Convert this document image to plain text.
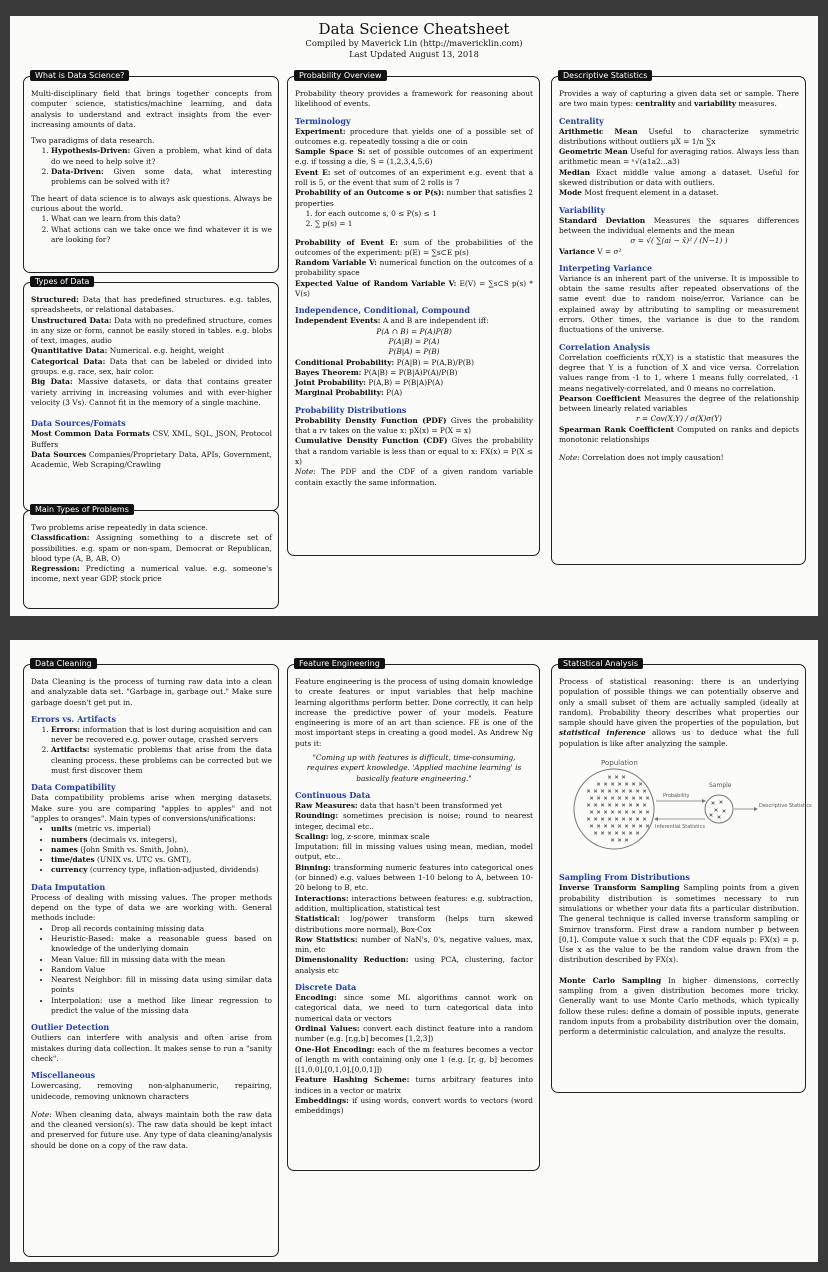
Data Science Cheatsheet
Compiled by Maverick Lin (http://mavericklin.com)
Last Updated August 13, 2018
What is Data Science?

Multi-disciplinary field that brings together concepts from computer science, statistics/machine learning, and data analysis to understand and extract insights from the ever-increasing amounts of data.

Two paradigms of data research.

1. Hypothesis-Driven: Given a problem, what kind of data do we need to help solve it?
2. Data-Driven: Given some data, what interesting problems can be solved with it?

The heart of data science is to always ask questions. Always be curious about the world.

1. What can we learn from this data?
2. What actions can we take once we find whatever it is we are looking for?
Types of Data
Structured: Data that has predefined structures. e.g. tables, spreadsheets, or relational databases.
Unstructured Data: Data with no predefined structure, comes in any size or form, cannot be easily stored in tables. e.g. blobs of text, images, audio
Quantitative Data: Numerical. e.g. height, weight
Categorical Data: Data that can be labeled or divided into groups. e.g. race, sex, hair color.
Big Data: Massive datasets, or data that contains greater variety arriving in increasing volumes and with ever-higher velocity (3 Vs). Cannot fit in the memory of a single machine.
Data Sources/Fomats
Most Common Data Formats CSV, XML, SQL, JSON, Protocol Buffers
Data Sources Companies/Proprietary Data, APIs, Government, Academic, Web Scraping/Crawling
Main Types of Problems
Two problems arise repeatedly in data science.
Classification: Assigning something to a discrete set of possibilities. e.g. spam or non-spam, Democrat or Republican, blood type (A, B, AB, O)
Regression: Predicting a numerical value. e.g. someone's income, next year GDP, stock price
Probability Overview

Probability theory provides a framework for reasoning about likelihood of events.

Terminology
Experiment: procedure that yields one of a possible set of outcomes e.g. repeatedly tossing a die or coin
Sample Space S: set of possible outcomes of an experiment e.g. if tossing a die, S = (1,2,3,4,5,6)
Event E: set of outcomes of an experiment e.g. event that a roll is 5, or the event that sum of 2 rolls is 7
Probability of an Outcome s or P(s): number that satisfies 2 properties
1. for each outcome s, 0 ≤ P(s) ≤ 1
2. ∑ p(s) = 1
Probability of Event E: sum of the probabilities of the outcomes of the experiment: p(E) = ∑s⊂E p(s)
Random Variable V: numerical function on the outcomes of a probability space
Expected Value of Random Variable V: E(V) = ∑s⊂S p(s) * V(s)
Independence, Conditional, Compound
Independent Events: A and B are independent iff:
P(A ∩ B) = P(A)P(B)
P(A|B) = P(A)
P(B|A) = P(B)
Conditional Probability: P(A|B) = P(A,B)/P(B)
Bayes Theorem: P(A|B) = P(B|A)P(A)/P(B)
Joint Probability: P(A,B) = P(B|A)P(A)
Marginal Probability: P(A)
Probability Distributions
Probability Density Function (PDF) Gives the probability that a rv takes on the value x: pX(x) = P(X = x)
Cumulative Density Function (CDF) Gives the probability that a random variable is less than or equal to x: FX(x) = P(X ≤ x)
Note: The PDF and the CDF of a given random variable contain exactly the same information.
Descriptive Statistics

Provides a way of capturing a given data set or sample. There are two main types: centrality and variability measures.

Centrality
Arithmetic Mean Useful to characterize symmetric distributions without outliers μX = 1/n ∑x
Geometric Mean Useful for averaging ratios. Always less than arithmetic mean = ⁿ√(a1a2...a3)
Median Exact middle value among a dataset. Useful for skewed distribution or data with outliers.
Mode Most frequent element in a dataset.
Variability
Standard Deviation Measures the squares differences between the individual elements and the mean
σ = √( ∑(ai − x̄)² / (N−1) )
Variance V = σ²
Interpeting Variance
Variance is an inherent part of the universe. It is impossible to obtain the same results after repeated observations of the same event due to random noise/error. Variance can be explained away by attributing to sampling or measurement errors. Other times, the variance is due to the random fluctuations of the universe.
Correlation Analysis
Correlation coefficients r(X,Y) is a statistic that measures the degree that Y is a function of X and vice versa. Correlation values range from -1 to 1, where 1 means fully correlated, -1 means negatively-correlated, and 0 means no correlation.
Pearson Coefficient Measures the degree of the relationship between linearly related variables
r = Cov(X,Y) / σ(X)σ(Y)
Spearman Rank Coefficient Computed on ranks and depicts monotonic relationships
Note: Correlation does not imply causation!
Data Cleaning

Data Cleaning is the process of turning raw data into a clean and analyzable data set. "Garbage in, garbage out." Make sure garbage doesn't get put in.

Errors vs. Artifacts
1. Errors: information that is lost during acquisition and can never be recovered e.g. power outage, crashed servers
2. Artifacts: systematic problems that arise from the data cleaning process. these problems can be corrected but we must first discover them
Data Compatibility
Data compatibility problems arise when merging datasets. Make sure you are comparing "apples to apples" and not "apples to oranges". Main types of conversions/unifications:
• units (metric vs. imperial)
• numbers (decimals vs. integers),
• names (John Smith vs. Smith, John),
• time/dates (UNIX vs. UTC vs. GMT),
• currency (currency type, inflation-adjusted, dividends)
Data Imputation
Process of dealing with missing values. The proper methods depend on the type of data we are working with. General methods include:
• Drop all records containing missing data
• Heuristic-Based: make a reasonable guess based on knowledge of the underlying domain
• Mean Value: fill in missing data with the mean
• Random Value
• Nearest Neighbor: fill in missing data using similar data points
• Interpolation: use a method like linear regression to predict the value of the missing data
Outlier Detection
Outliers can interfere with analysis and often arise from mistakes during data collection. It makes sense to run a "sanity check".
Miscellaneous
Lowercasing, removing non-alphanumeric, repairing, unidecode, removing unknown characters
Note: When cleaning data, always maintain both the raw data and the cleaned version(s). The raw data should be kept intact and preserved for future use. Any type of data cleaning/analysis should be done on a copy of the raw data.
Feature Engineering

Feature engineering is the process of using domain knowledge to create features or input variables that help machine learning algorithms perform better. Done correctly, it can help increase the predictive power of your models. Feature engineering is more of an art than science. FE is one of the most important steps in creating a good model. As Andrew Ng puts it:

"Coming up with features is difficult, time-consuming, requires expert knowledge. 'Applied machine learning' is basically feature engineering."

Continuous Data
Raw Measures: data that hasn't been transformed yet
Rounding: sometimes precision is noise; round to nearest integer, decimal etc..
Scaling: log, z-score, minmax scale
Imputation: fill in missing values using mean, median, model output, etc..
Binning: transforming numeric features into categorical ones (or binned) e.g. values between 1-10 belong to A, between 10-20 belong to B, etc.
Interactions: interactions between features: e.g. subtraction, addition, multiplication, statistical test
Statistical: log/power transform (helps turn skewed distributions more normal), Box-Cox
Row Statistics: number of NaN's, 0's, negative values, max, min, etc
Dimensionality Reduction: using PCA, clustering, factor analysis etc
Discrete Data
Encoding: since some ML algorithms cannot work on categorical data, we need to turn categorical data into numerical data or vectors
Ordinal Values: convert each distinct feature into a random number (e.g. [r,g,b] becomes [1,2,3])
One-Hot Encoding: each of the m features becomes a vector of length m with containing only one 1 (e.g. [r, g, b] becomes [[1,0,0],[0,1,0],[0,0,1]])
Feature Hashing Scheme: turns arbitrary features into indices in a vector or matrix
Embeddings: if using words, convert words to vectors (word embeddings)
Statistical Analysis

Process of statistical reasoning: there is an underlying population of possible things we can potentially observe and only a small subset of them are actually sampled (ideally at random). Probability theory describes what properties our sample should have given the properties of the population, but statistical inference allows us to deduce what the full population is like after analyzing the sample.

Population
Sample
Probability
Inferential Statistics
Descriptive Statistics
Sampling From Distributions
Inverse Transform Sampling Sampling points from a given probability distribution is sometimes necessary to run simulations or whether your data fits a particular distribution. The general technique is called inverse transform sampling or Smirnov transform. First draw a random number p between [0,1]. Compute value x such that the CDF equals p: FX(x) = p. Use x as the value to be the random value drawn from the distribution described by FX(x).
Monte Carlo Sampling In higher dimensions, correctly sampling from a given distribution becomes more tricky. Generally want to use Monte Carlo methods, which typically follow these rules: define a domain of possible inputs, generate random inputs from a probability distribution over the domain, perform a deterministic calculation, and analyze the results.
